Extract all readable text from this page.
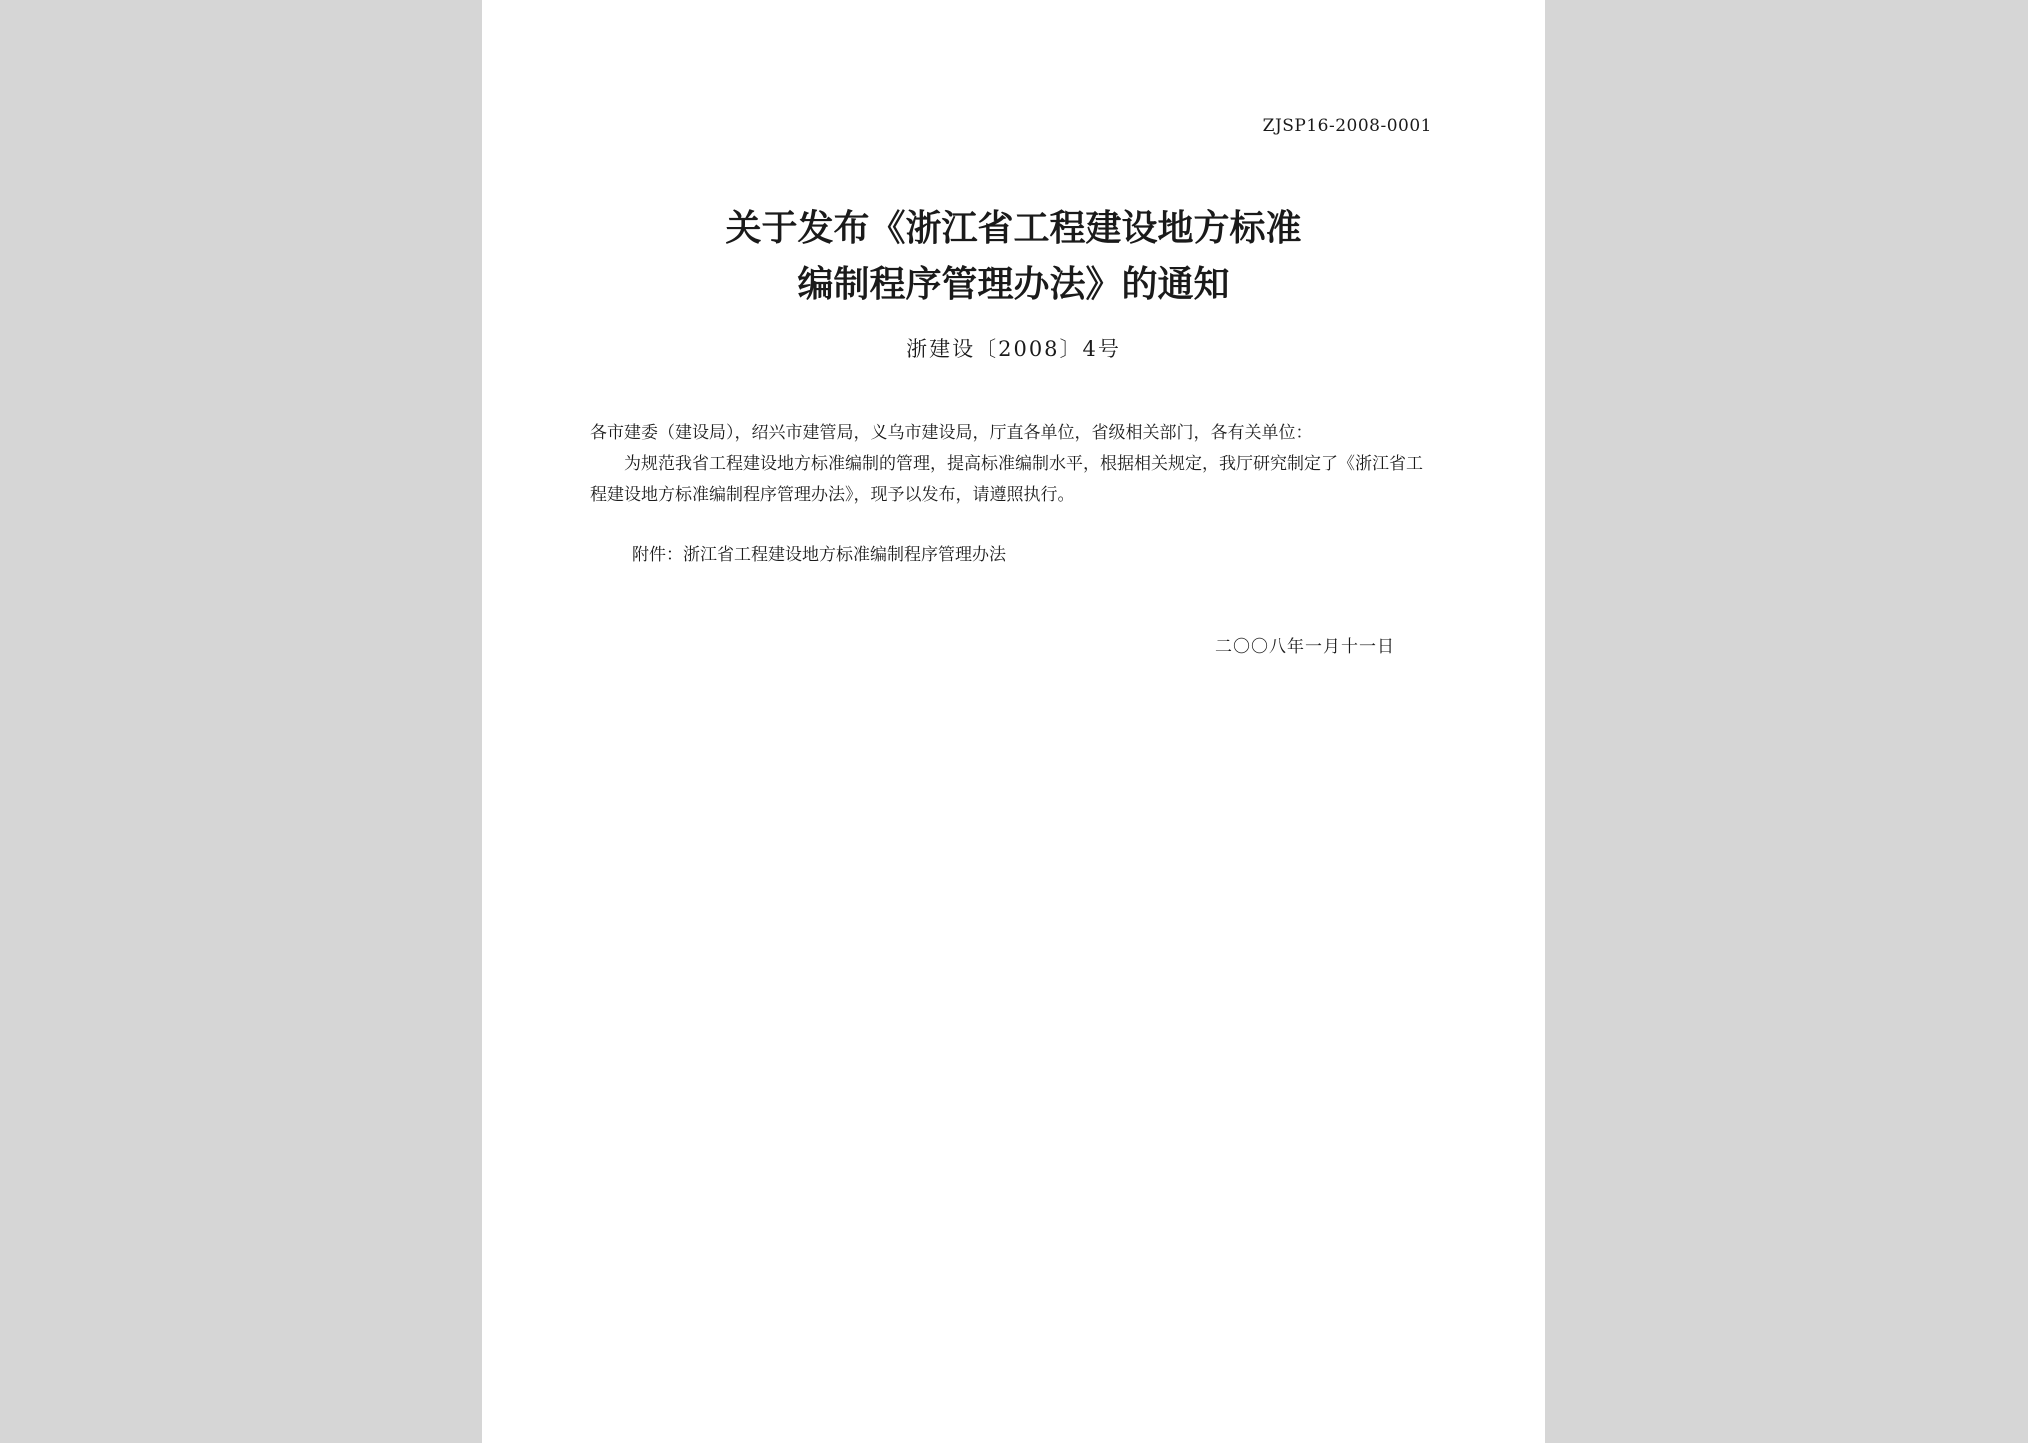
ZJSP16-2008-0001
关于发布《浙江省工程建设地方标准
编制程序管理办法》的通知
浙建设〔2008〕4号

各市建委（建设局），绍兴市建管局，义乌市建设局，厅直各单位，省级相关部门，各有关单位：

为规范我省工程建设地方标准编制的管理，提高标准编制水平，根据相关规定，我厅研究制定了《浙江省工程建设地方标准编制程序管理办法》，现予以发布，请遵照执行。

附件：浙江省工程建设地方标准编制程序管理办法
二〇〇八年一月十一日
